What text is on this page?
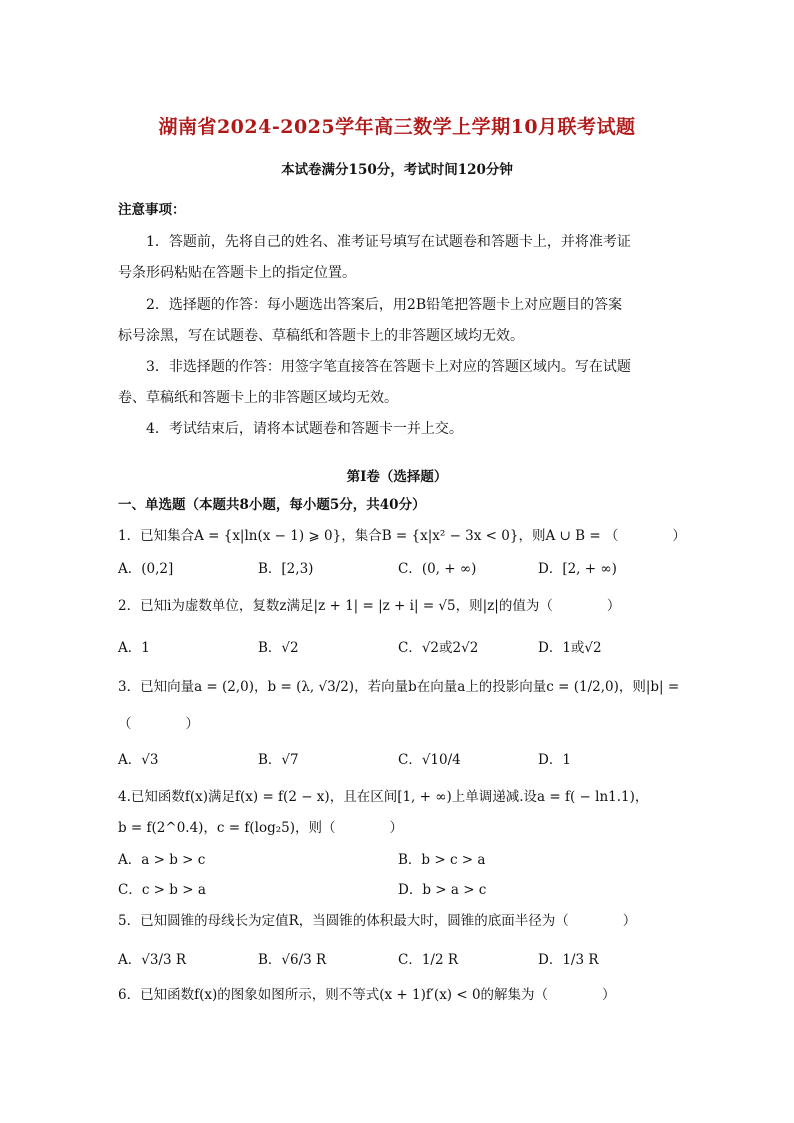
湖南省2024-2025学年高三数学上学期10月联考试题
本试卷满分150分，考试时间120分钟
注意事项：
1．答题前，先将自己的姓名、准考证号填写在试题卷和答题卡上，并将准考证
号条形码粘贴在答题卡上的指定位置。
2．选择题的作答：每小题选出答案后，用2B铅笔把答题卡上对应题目的答案
标号涂黑，写在试题卷、草稿纸和答题卡上的非答题区域均无效。
3．非选择题的作答：用签字笔直接答在答题卡上对应的答题区域内。写在试题
卷、草稿纸和答题卡上的非答题区域均无效。
4．考试结束后，请将本试题卷和答题卡一并上交。
第Ⅰ卷（选择题）
一、单选题（本题共8小题，每小题5分，共40分）
1．已知集合A = {x|ln(x − 1) ⩾ 0}，集合B = {x|x² − 3x < 0}，则A ∪ B = （　　　　）
A．(0,2]	B．[2,3)	C．(0, + ∞)	D．[2, + ∞)
2．已知i为虚数单位，复数z满足|z + 1| = |z + i| = √5，则|z|的值为（　　　　）
A．1	B．√2	C．√2或2√2	D．1或√2
3．已知向量a = (2,0)，b = (λ, √3/2)，若向量b在向量a上的投影向量c = (1/2,0)，则|b| =
（　　　　）
A．√3	B．√7	C．√10/4	D．1
4.已知函数f(x)满足f(x) = f(2 − x)，且在区间[1, + ∞)上单调递减.设a = f( − ln1.1)，
b = f(2^0.4)，c = f(log₂5)，则（　　　　）
A．a > b > c	B．b > c > a
C．c > b > a	D．b > a > c
5．已知圆锥的母线长为定值R，当圆锥的体积最大时，圆锥的底面半径为（　　　　）
A．√3/3 R	B．√6/3 R	C．1/2 R	D．1/3 R
6．已知函数f(x)的图象如图所示，则不等式(x + 1)f′(x) < 0的解集为（　　　　）
